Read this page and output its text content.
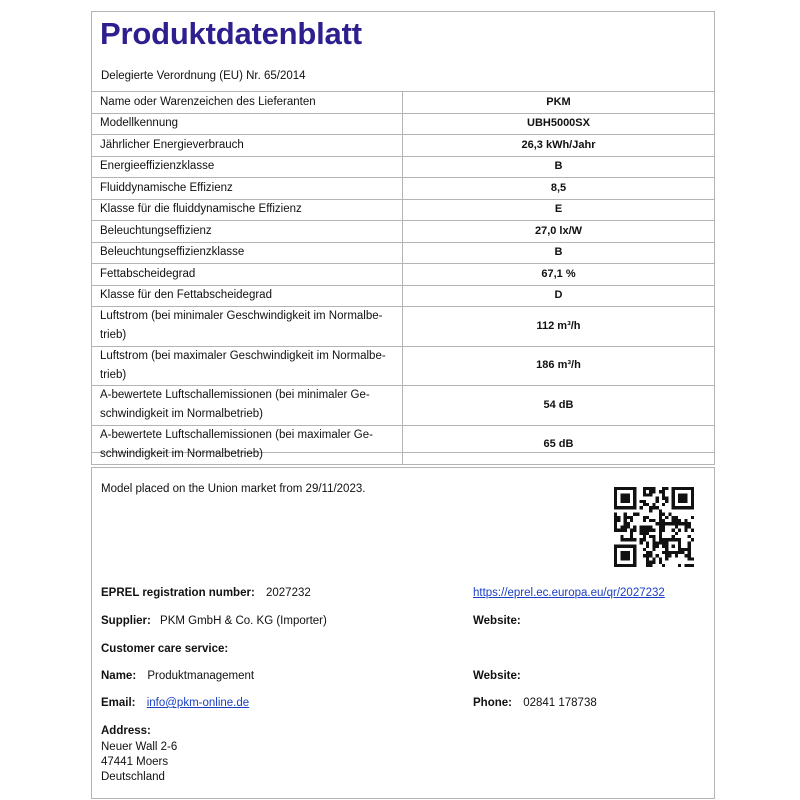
Produktdatenblatt
Delegierte Verordnung (EU) Nr. 65/2014
Name oder Warenzeichen des Lieferanten	PKM
Modellkennung	UBH5000SX
Jährlicher Energieverbrauch	26,3 kWh/Jahr
Energieeffizienzklasse	B
Fluiddynamische Effizienz	8,5
Klasse für die fluiddynamische Effizienz	E
Beleuchtungseffizienz	27,0 lx/W
Beleuchtungseffizienzklasse	B
Fettabscheidegrad	67,1 %
Klasse für den Fettabscheidegrad	D
Luftstrom (bei minimaler Geschwindigkeit im Normalbe-trieb)	112 m³/h
Luftstrom (bei maximaler Geschwindigkeit im Normalbe-trieb)	186 m³/h
A-bewertete Luftschallemissionen (bei minimaler Ge-schwindigkeit im Normalbetrieb)	54 dB
A-bewertete Luftschallemissionen (bei maximaler Ge-schwindigkeit im Normalbetrieb)	65 dB
Model placed on the Union market from 29/11/2023.
EPREL registration number: 2027232	https://eprel.ec.europa.eu/qr/2027232
Supplier: PKM GmbH & Co. KG (Importer)	Website:
Customer care service:
Name: Produktmanagement	Website:
Email: info@pkm-online.de	Phone: 02841 178738
Address:
Neuer Wall 2-6
47441 Moers
Deutschland
